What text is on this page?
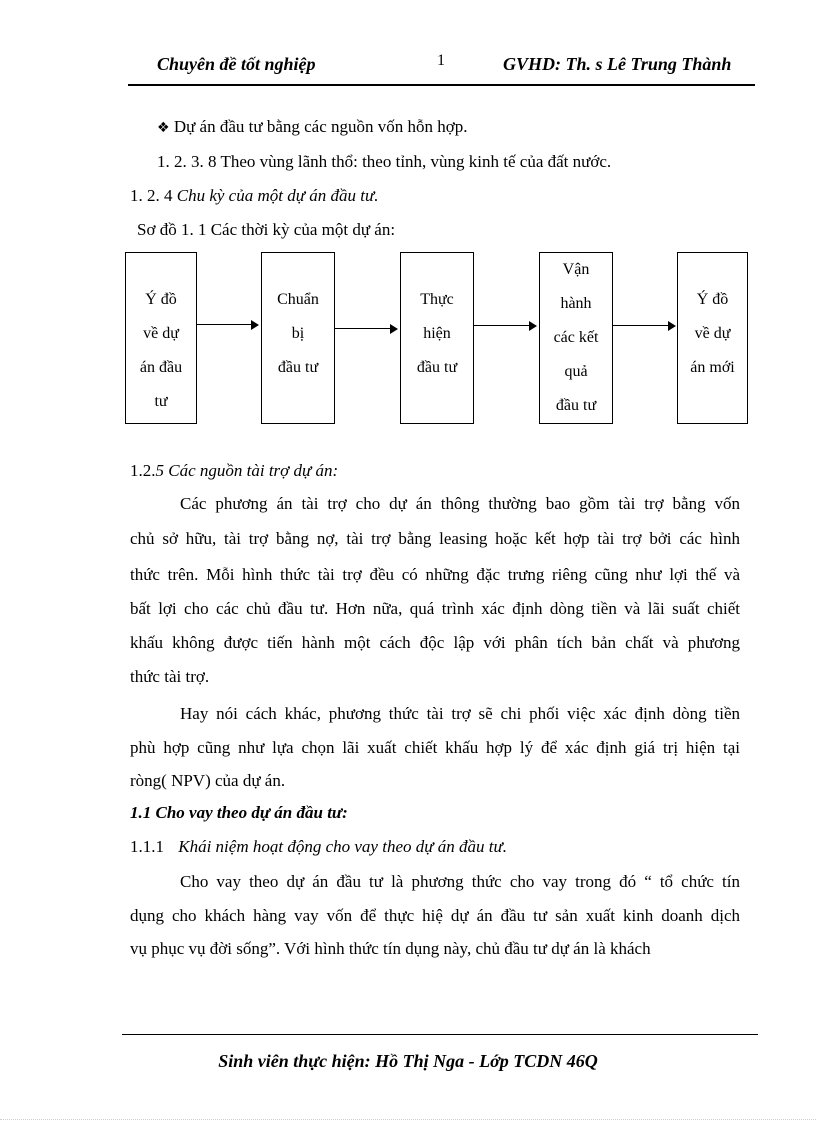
Chuyên đề tốt nghiệp	1	GVHD: Th. s Lê Trung Thành
❖ Dự án đầu tư bằng các nguồn vốn hỗn hợp.
1. 2. 3. 8 Theo vùng lãnh thổ: theo tỉnh, vùng kinh tế của đất nước.
1. 2. 4 Chu kỳ của một dự án đầu tư.
Sơ đồ 1. 1 Các thời kỳ của một dự án:
Ý đồ
về dự
án đầu
tư
Chuẩn
bị
đầu tư
Thực
hiện
đầu tư
Vận
hành
các kết
quả
đầu tư
Ý đồ
về dự
án mới
1.2.5 Các nguồn tài trợ dự án:
Các phương án tài trợ cho dự án thông thường bao gồm tài trợ bằng vốn
chủ sở hữu, tài trợ bằng nợ, tài trợ bằng leasing hoặc kết hợp tài trợ bởi các hình
thức trên. Mỗi hình thức tài trợ đều có những đặc trưng riêng cũng như lợi thế và
bất lợi cho các chủ đầu tư. Hơn nữa, quá trình xác định dòng tiền và lãi suất chiết
khấu không được tiến hành một cách độc lập với phân tích bản chất và phương
thức tài trợ.
Hay nói cách khác, phương thức tài trợ sẽ chi phối việc xác định dòng tiền
phù hợp cũng như lựa chọn lãi xuất chiết khấu hợp lý để xác định giá trị hiện tại
ròng( NPV) của dự án.
1.1 Cho vay theo dự án đầu tư:
1.1.1 Khái niệm hoạt động cho vay theo dự án đầu tư.
Cho vay theo dự án đầu tư là phương thức cho vay trong đó “ tổ chức tín
dụng cho khách hàng vay vốn để thực hiệ dự án đầu tư sản xuất kinh doanh dịch
vụ phục vụ đời sống”. Với hình thức tín dụng này, chủ đầu tư dự án là khách
Sinh viên thực hiện: Hồ Thị Nga - Lớp TCDN 46Q
